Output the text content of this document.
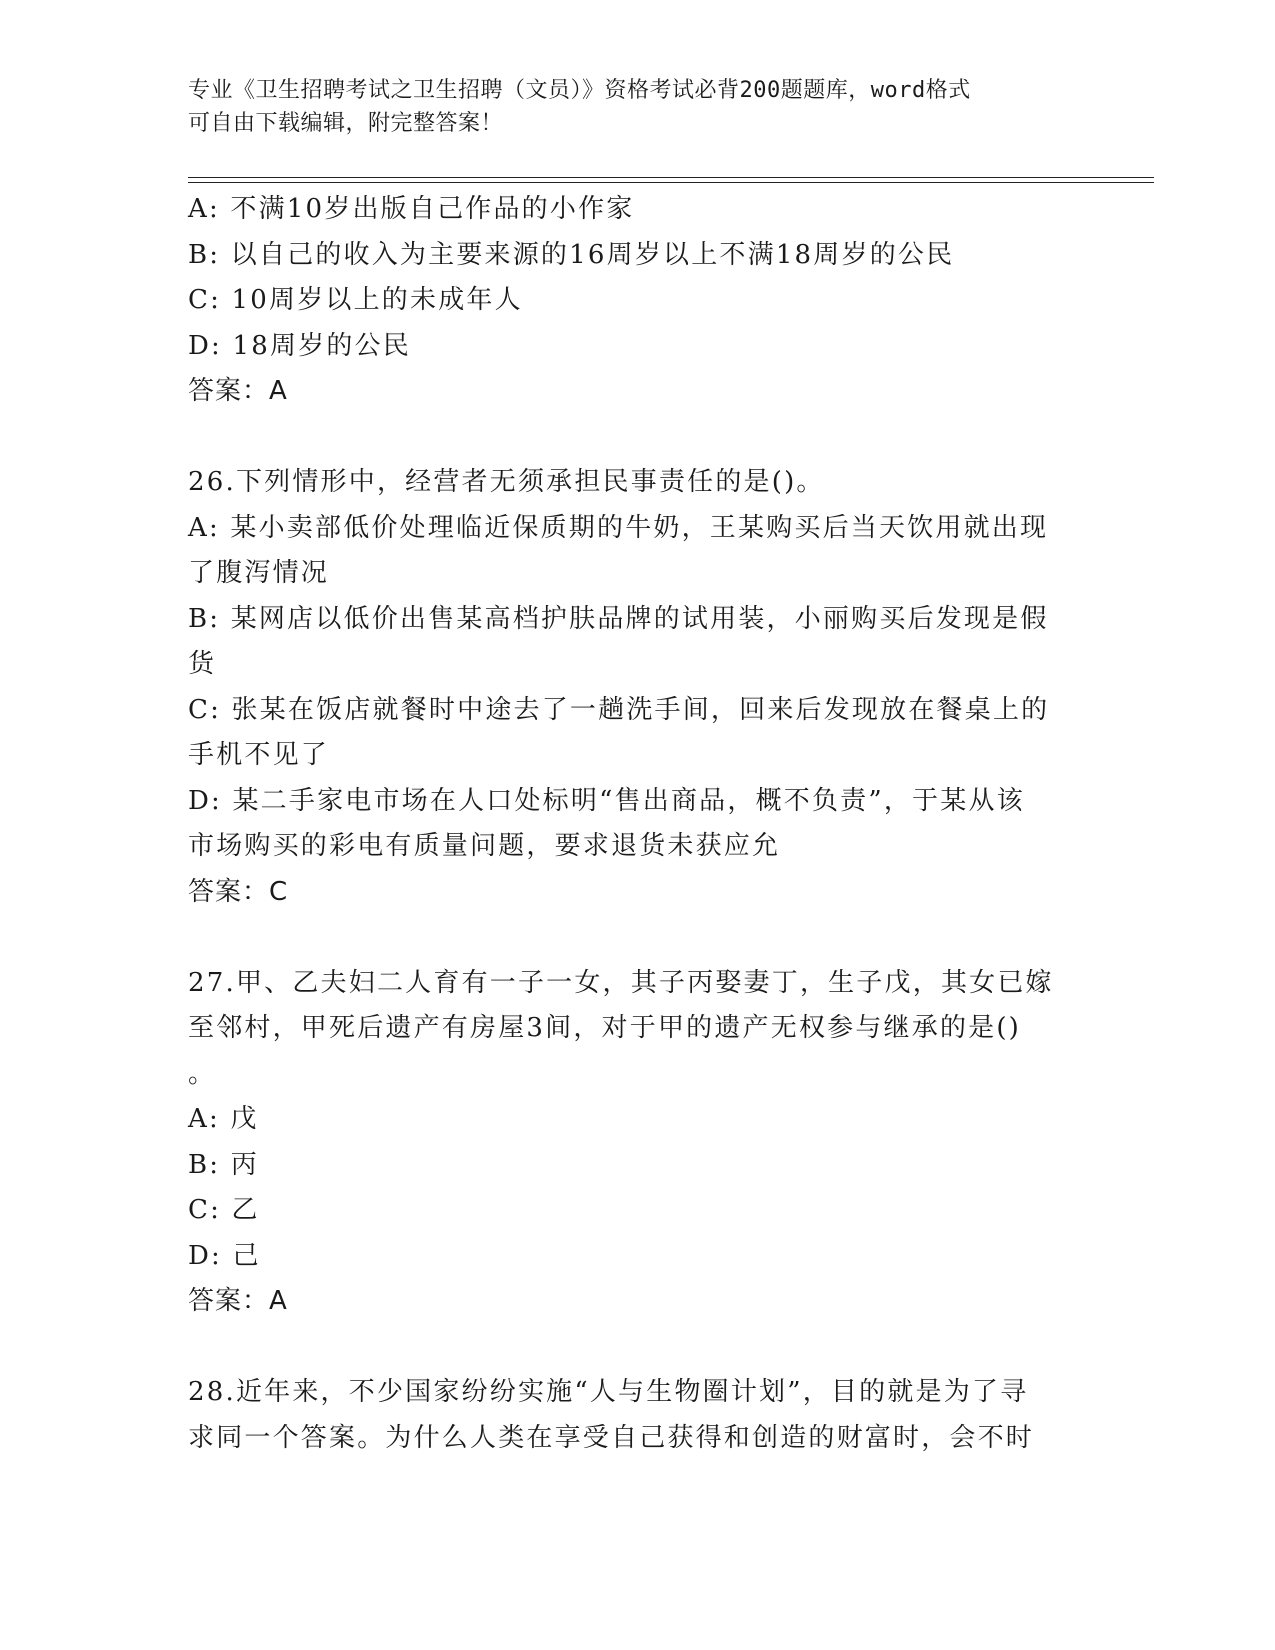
专业《卫生招聘考试之卫生招聘（文员）》资格考试必背200题题库，word格式
可自由下载编辑，附完整答案！
A: 不满10岁出版自己作品的小作家
B: 以自己的收入为主要来源的16周岁以上不满18周岁的公民
C: 10周岁以上的未成年人
D: 18周岁的公民
答案：A
26.下列情形中，经营者无须承担民事责任的是()。
A: 某小卖部低价处理临近保质期的牛奶，王某购买后当天饮用就出现
了腹泻情况
B: 某网店以低价出售某高档护肤品牌的试用装，小丽购买后发现是假
货
C: 张某在饭店就餐时中途去了一趟洗手间，回来后发现放在餐桌上的
手机不见了
D: 某二手家电市场在人口处标明“售出商品，概不负责”，于某从该
市场购买的彩电有质量问题，要求退货未获应允
答案：C
27.甲、乙夫妇二人育有一子一女，其子丙娶妻丁，生子戊，其女已嫁
至邻村，甲死后遗产有房屋3间，对于甲的遗产无权参与继承的是()
。
A: 戊
B: 丙
C: 乙
D: 己
答案：A
28.近年来，不少国家纷纷实施“人与生物圈计划”，目的就是为了寻
求同一个答案。为什么人类在享受自己获得和创造的财富时，会不时
